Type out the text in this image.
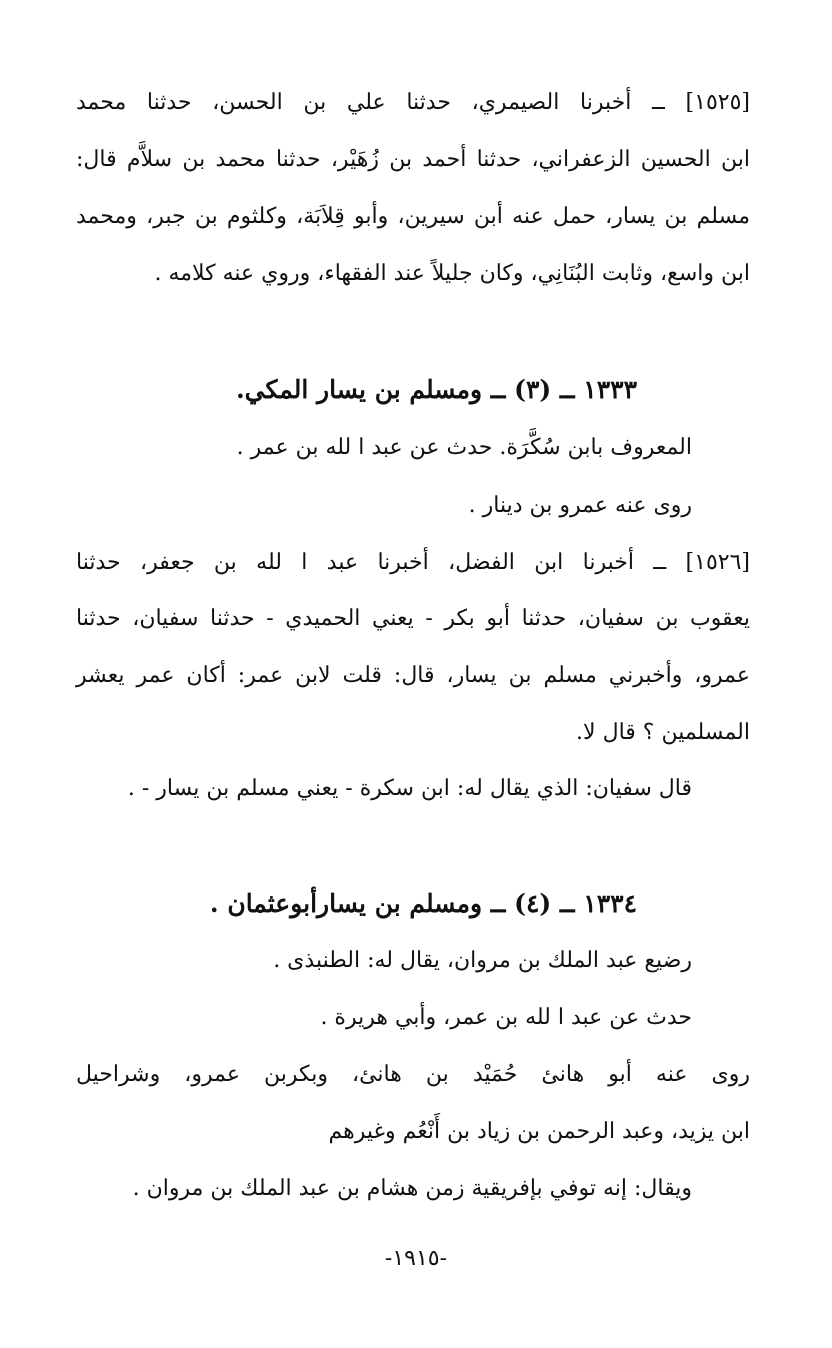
[١٥٢٥] ــ أخبرنا الصيمري، حدثنا علي بن الحسن، حدثنا محمد
ابن الحسين الزعفراني، حدثنا أحمد بن زُهَيْر، حدثنا محمد بن سلاَّم قال:
مسلم بن يسار، حمل عنه أبن سيرين، وأبو قِلاَبَة، وكلثوم بن جبر، ومحمد
ابن واسع، وثابت البُنَانِي، وكان جليلاً عند الفقهاء، وروي عنه كلامه .
١٣٣٣ ــ (٣) ــ ومسلم بن يسار المكي.
المعروف بابن سُكَّرَة. حدث عن عبد ا لله بن عمر .
روى عنه عمرو بن دينار .
[١٥٢٦] ــ أخبرنا ابن الفضل، أخبرنا عبد ا لله بن جعفر، حدثنا
يعقوب بن سفيان، حدثنا أبو بكر - يعني الحميدي - حدثنا سفيان، حدثنا
عمرو، وأخبرني مسلم بن يسار، قال: قلت لابن عمر: أكان عمر يعشر
المسلمين ؟ قال لا.
قال سفيان: الذي يقال له: ابن سكرة - يعني مسلم بن يسار - .
١٣٣٤ ــ (٤) ــ ومسلم بن يسارأبوعثمان .
رضيع عبد الملك بن مروان، يقال له: الطنبذى .
حدث عن عبد ا لله بن عمر، وأبي هريرة .
روى عنه أبو هانئ حُمَيْد بن هانئ، وبكربن عمرو، وشراحيل
ابن يزيد، وعبد الرحمن بن زياد بن أَنْعُم وغيرهم
ويقال: إنه توفي بإفريقية زمن هشام بن عبد الملك بن مروان .
-١٩١٥-
